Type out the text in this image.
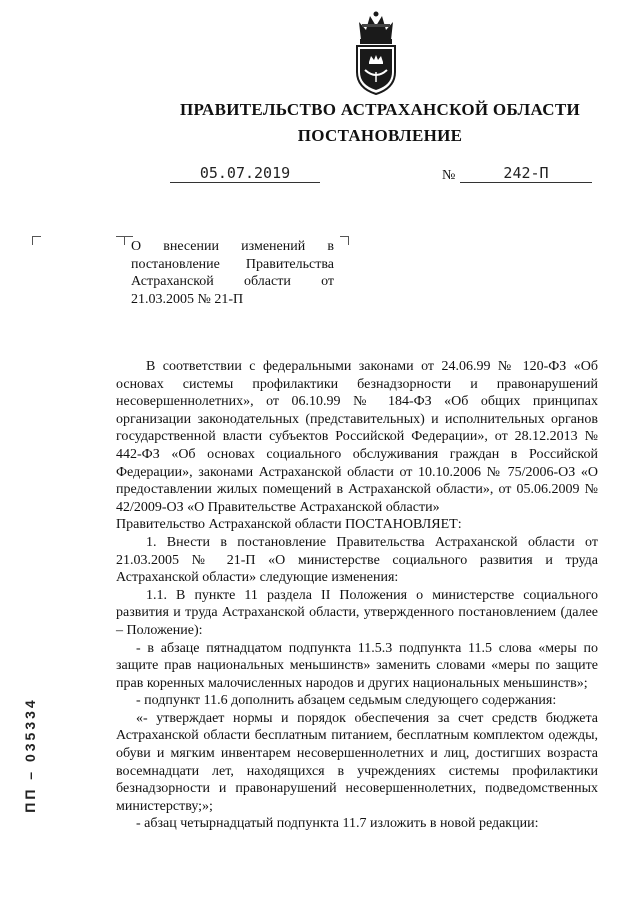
ПРАВИТЕЛЬСТВО АСТРАХАНСКОЙ ОБЛАСТИ
ПОСТАНОВЛЕНИЕ
05.07.2019	№	242-П
О внесении изменений в постановление Правительства Астраханской области от 21.03.2005 № 21-П

В соответствии с федеральными законами от 24.06.99 № 120-ФЗ «Об основах системы профилактики безнадзорности и правонарушений несовершеннолетних», от 06.10.99 № 184-ФЗ «Об общих принципах организации законодательных (представительных) и исполнительных органов государственной власти субъектов Российской Федерации», от 28.12.2013 № 442-ФЗ «Об основах социального обслуживания граждан в Российской Федерации», законами Астраханской области от 10.10.2006 № 75/2006-ОЗ «О предоставлении жилых помещений в Астраханской области», от 05.06.2009 № 42/2009-ОЗ «О Правительстве Астраханской области»

Правительство Астраханской области ПОСТАНОВЛЯЕТ:

1. Внести в постановление Правительства Астраханской области от 21.03.2005 № 21-П «О министерстве социального развития и труда Астраханской области» следующие изменения:

1.1. В пункте 11 раздела II Положения о министерстве социального развития и труда Астраханской области, утвержденного постановлением (далее – Положение):

- в абзаце пятнадцатом подпункта 11.5.3 подпункта 11.5 слова «меры по защите прав национальных меньшинств» заменить словами «меры по защите прав коренных малочисленных народов и других национальных меньшинств»;

- подпункт 11.6 дополнить абзацем седьмым следующего содержания:

«- утверждает нормы и порядок обеспечения за счет средств бюджета Астраханской области бесплатным питанием, бесплатным комплектом одежды, обуви и мягким инвентарем несовершеннолетних и лиц, достигших возраста восемнадцати лет, находящихся в учреждениях системы профилактики безнадзорности и правонарушений несовершеннолетних, подведомственных министерству;»;

- абзац четырнадцатый подпункта 11.7 изложить в новой редакции:

ПП – 035334
